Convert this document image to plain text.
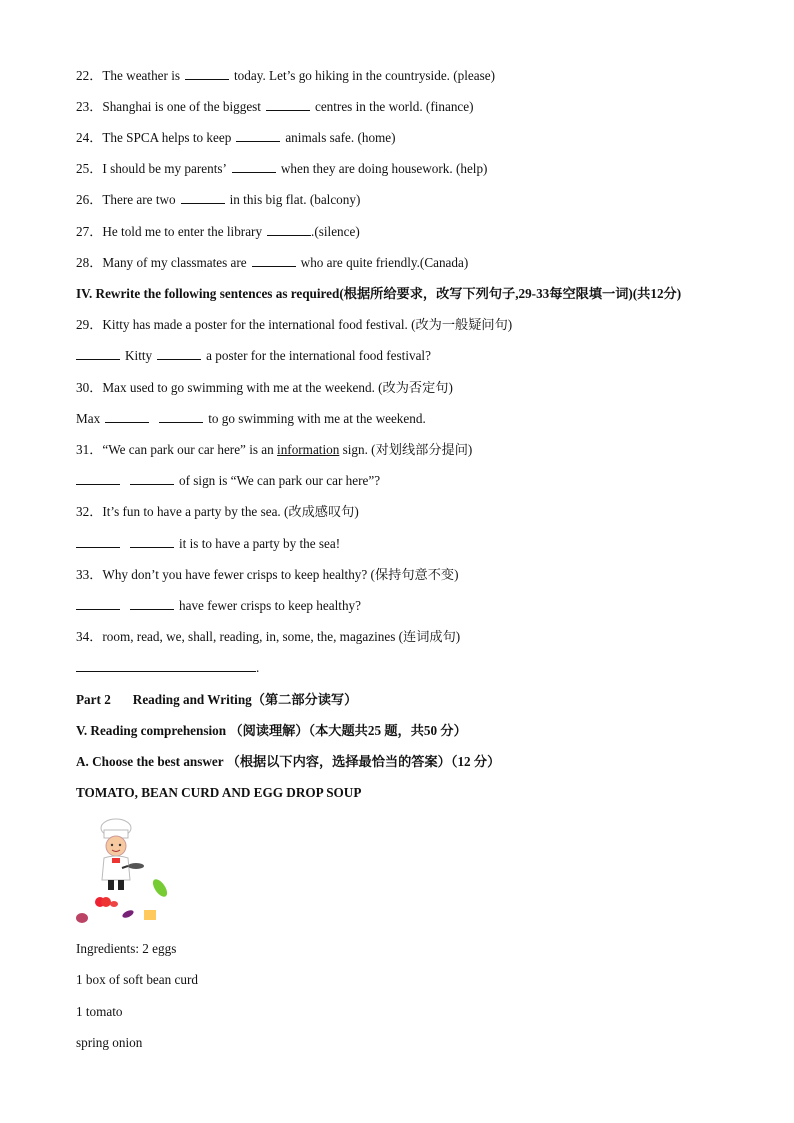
22．The weather is	today. Let’s go hiking in the countryside. (please)
23．Shanghai is one of the biggest	centres in the world. (finance)
24．The SPCA helps to keep	animals safe. (home)
25．I should be my parents’	when they are doing housework. (help)
26．There are two	in this big flat. (balcony)
27．He told me to enter the library	.(silence)
28．Many of my classmates are	who are quite friendly.(Canada)
IV. Rewrite the following sentences as required(根据所给要求，改写下列句子,29-33每空限填一词)(共12分)
29．Kitty has made a poster for the international food festival. (改为一般疑问句)
Kitty	a poster for the international food festival?
30．Max used to go swimming with me at the weekend. (改为否定句)
Max	to go swimming with me at the weekend.
31．“We can park our car here” is an information sign. (对划线部分提问)
of sign is “We can park our car here”?
32．It’s fun to have a party by the sea. (改成感叹句)
it is to have a party by the sea!
33．Why don’t you have fewer crisps to keep healthy? (保持句意不变)
have fewer crisps to keep healthy?
34．room, read, we, shall, reading, in, some, the, magazines (连词成句)
.
Part 2 Reading and Writing（第二部分读写）
V. Reading comprehension （阅读理解）（本大题共25 题，共50 分）
A. Choose the best answer （根据以下内容，选择最恰当的答案）（12 分）
TOMATO, BEAN CURD AND EGG DROP SOUP
Ingredients: 2 eggs
1 box of soft bean curd
1 tomato
spring onion
